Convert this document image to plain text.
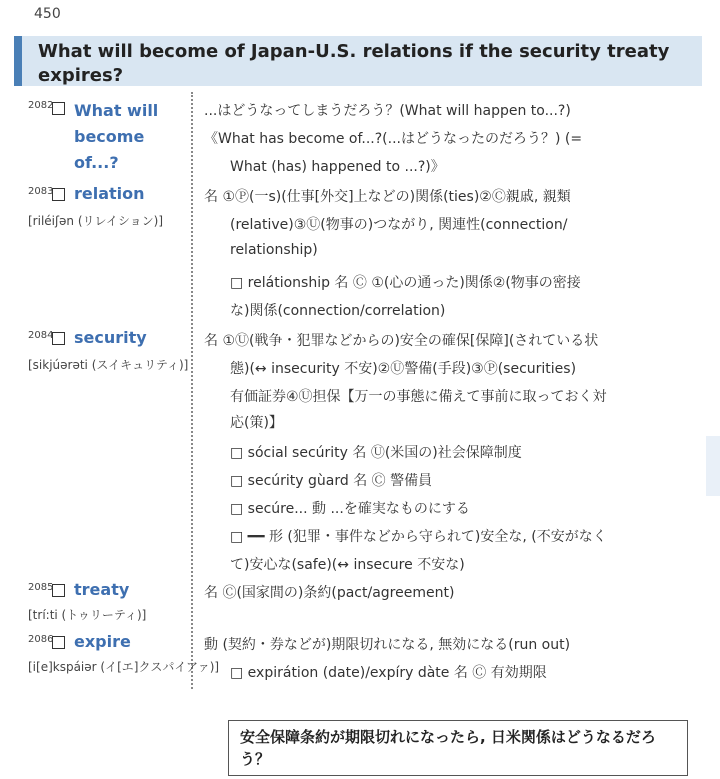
450
What will become of Japan-U.S. relations if the security treaty expires?
2082 What will become of...?
...はどうなってしまうだろう？(What will happen to...?)
《What has become of...?(...はどうなったのだろう？) (=
What (has) happened to ...?)》
2083 relation
[riléiʃən (リレイション)]
名 ①Ⓟ(一s)(仕事[外交]上などの)関係(ties)②Ⓒ親戚, 親類
(relative)③Ⓤ(物事の)つながり, 関連性(connection/
relationship)
□ relátionship 名 Ⓒ ①(心の通った)関係②(物事の密接
な)関係(connection/correlation)
2084 security
[sikjúərəti (スイキュリティ)]
名 ①Ⓤ(戦争・犯罪などからの)安全の確保[保障](されている状
態)(↔ insecurity 不安)②Ⓤ警備(手段)③Ⓟ(securities)
有価証券④Ⓤ担保【万一の事態に備えて事前に取っておく対
応(策)】
□ sócial secúrity 名 Ⓤ(米国の)社会保障制度
□ secúrity gùard 名 Ⓒ 警備員
□ secúre... 動 ...を確実なものにする
□ ━━ 形 (犯罪・事件などから守られて)安全な, (不安がなく
て)安心な(safe)(↔ insecure 不安な)
2085 treaty
[trí:ti (トゥリーティ)]
名 Ⓒ(国家間の)条約(pact/agreement)
2086 expire
[i[e]kspáiər (イ[エ]クスパイアァ)]
動 (契約・券などが)期限切れになる, 無効になる(run out)
□ expirátion (date)/expíry dàte 名 Ⓒ 有効期限
安全保障条約が期限切れになったら, 日米関係はどうなるだろう？
